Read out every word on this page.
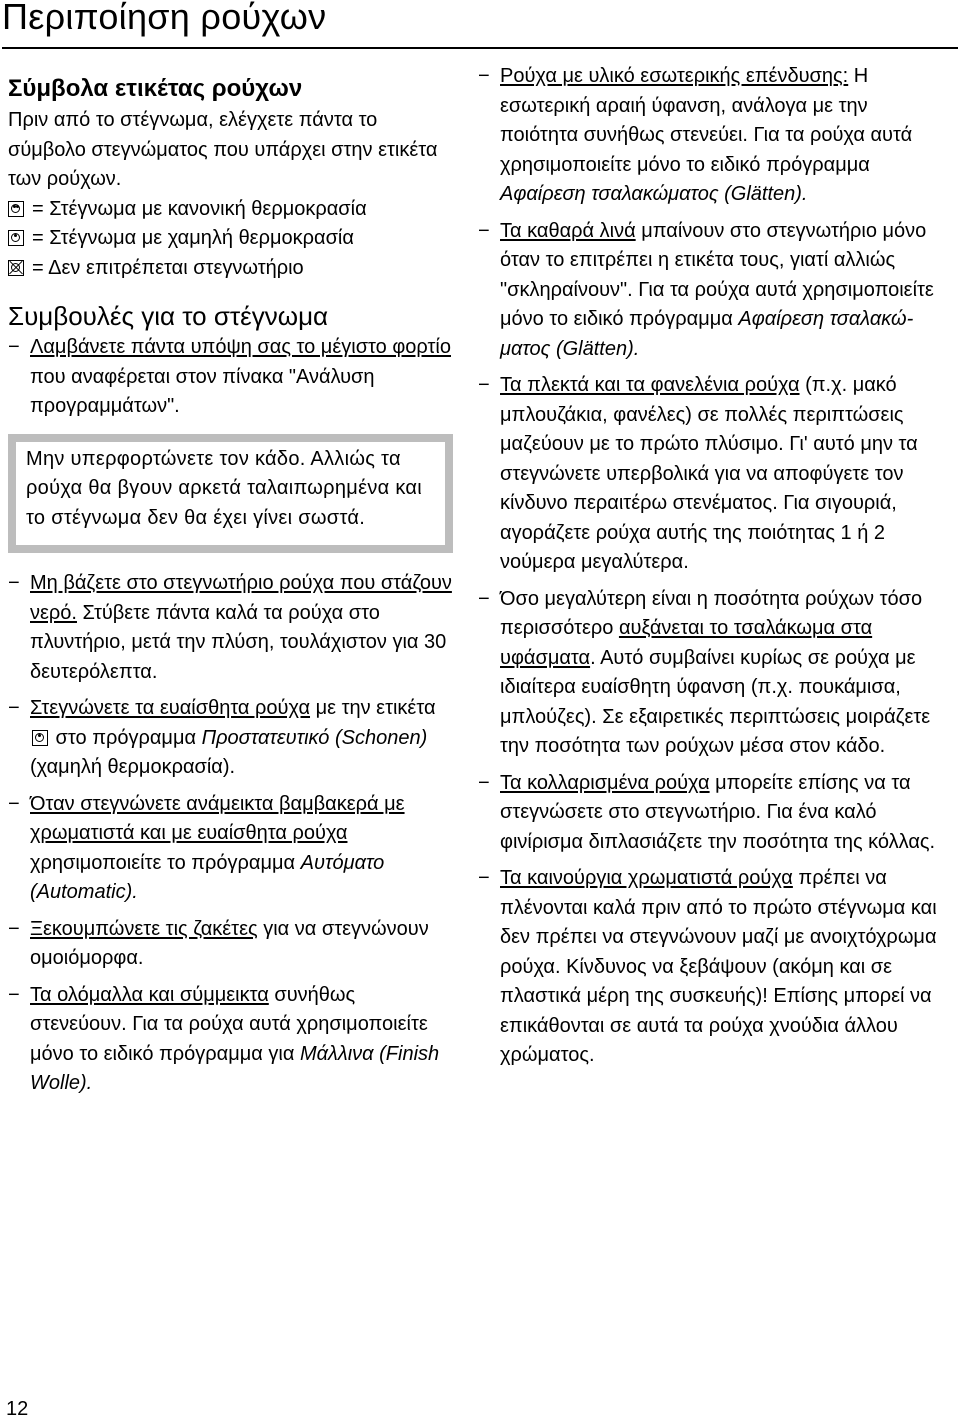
Περιποίηση ρούχων
Σύμβολα ετικέτας ρούχων

Πριν από το στέγνωμα, ελέγχετε πάντα το σύμβολο στεγνώματος που υπάρχει στην ετικέτα των ρούχων.

= Στέγνωμα με κανονική θερμοκρασία
= Στέγνωμα με χαμηλή θερμοκρασία
= Δεν επιτρέπεται στεγνωτήριο
Συμβουλές για το στέγνωμα
− Λαμβάνετε πάντα υπόψη σας το μέγιστο φορτίο που αναφέρεται στον πίνακα "Ανάλυση προγραμμάτων".
Μην υπερφορτώνετε τον κάδο. Αλλιώς τα ρούχα θα βγουν αρκετά ταλαιπωρημένα και το στέγνωμα δεν θα έχει γίνει σωστά.
− Μη βάζετε στο στεγνωτήριο ρούχα που στάζουν νερό. Στύβετε πάντα καλά τα ρούχα στο πλυντήριο, μετά την πλύση, τουλάχιστον για 30 δευτερόλεπτα.
− Στεγνώνετε τα ευαίσθητα ρούχα με την ετικέτα
στο πρόγραμμα Προστατευτικό (Schonen) (χαμηλή θερμοκρασία).
− Όταν στεγνώνετε ανάμεικτα βαμβακερά με χρωματιστά και με ευαίσθητα ρούχα χρησιμοποιείτε το πρόγραμμα Αυτόματο (Automatic).
− Ξεκουμπώνετε τις ζακέτες για να στεγνώνουν ομοιόμορφα.
− Τα ολόμαλλα και σύμμεικτα συνήθως στενεύουν. Για τα ρούχα αυτά χρησιμοποιείτε μόνο το ειδικό πρόγραμμα για Μάλλινα (Finish Wolle).
− Ρούχα με υλικό εσωτερικής επένδυσης: Η εσωτερική αραιή ύφανση, ανάλογα με την ποιότητα συνήθως στενεύει. Για τα ρούχα αυτά χρησιμοποιείτε μόνο το ειδικό πρόγραμμα Αφαίρεση τσαλακώματος (Glätten).
− Τα καθαρά λινά μπαίνουν στο στεγνωτήριο μόνο όταν το επιτρέπει η ετικέτα τους, γιατί αλλιώς "σκληραίνουν". Για τα ρούχα αυτά χρησιμοποιείτε μόνο το ειδικό πρόγραμμα Αφαίρεση τσαλακώματος (Glätten).
− Τα πλεκτά και τα φανελένια ρούχα (π.χ. μακό μπλουζάκια, φανέλες) σε πολλές περιπτώσεις μαζεύουν με το πρώτο πλύσιμο. Γι' αυτό μην τα στεγνώνετε υπερβολικά για να αποφύγετε τον κίνδυνο περαιτέρω στενέματος. Για σιγουριά, αγοράζετε ρούχα αυτής της ποιότητας 1 ή 2 νούμερα μεγαλύτερα.
− Όσο μεγαλύτερη είναι η ποσότητα ρούχων τόσο περισσότερο αυξάνεται το τσαλάκωμα στα υφάσματα. Αυτό συμβαίνει κυρίως σε ρούχα με ιδιαίτερα ευαίσθητη ύφανση (π.χ. πουκάμισα, μπλούζες). Σε εξαιρετικές περιπτώσεις μοιράζετε την ποσότητα των ρούχων μέσα στον κάδο.
− Τα κολλαρισμένα ρούχα μπορείτε επίσης να τα στεγνώσετε στο στεγνωτήριο. Για ένα καλό φινίρισμα διπλασιάζετε την ποσότητα της κόλλας.
− Τα καινούργια χρωματιστά ρούχα πρέπει να πλένονται καλά πριν από το πρώτο στέγνωμα και δεν πρέπει να στεγνώνουν μαζί με ανοιχτόχρωμα ρούχα. Κίνδυνος να ξεβάψουν (ακόμη και σε πλαστικά μέρη της συσκευής)! Επίσης μπορεί να επικάθονται σε αυτά τα ρούχα χνούδια άλλου χρώματος.
12
